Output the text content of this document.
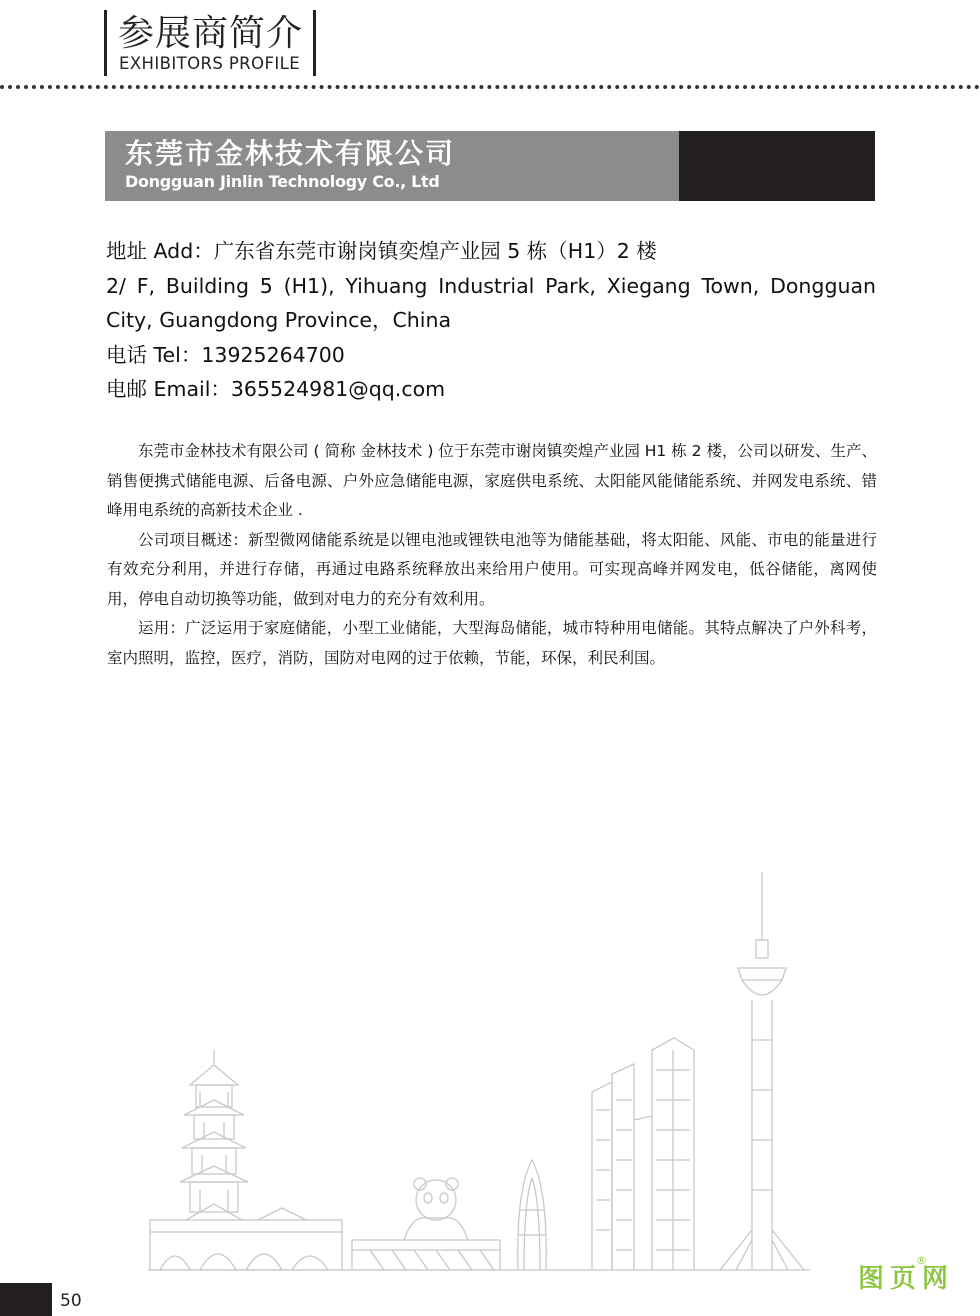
参展商简介
EXHIBITORS PROFILE
东莞市金林技术有限公司
Dongguan Jinlin Technology Co., Ltd
地址 Add：广东省东莞市谢岗镇奕煌产业园 5 栋（H1）2 楼
2/ F, Building 5 (H1), Yihuang Industrial Park, Xiegang Town, Dongguan City, Guangdong Province，China
电话 Tel：13925264700
电邮 Email：365524981@qq.com

东莞市金林技术有限公司 ( 简称 金林技术 ) 位于东莞市谢岗镇奕煌产业园 H1 栋 2 楼，公司以研发、生产、销售便携式储能电源、后备电源、户外应急储能电源，家庭供电系统、太阳能风能储能系统、并网发电系统、错峰用电系统的高新技术企业 .

公司项目概述：新型微网储能系统是以锂电池或锂铁电池等为储能基础，将太阳能、风能、市电的能量进行有效充分利用，并进行存储，再通过电路系统释放出来给用户使用。可实现高峰并网发电，低谷储能，离网使用，停电自动切换等功能，做到对电力的充分有效利用。

运用：广泛运用于家庭储能，小型工业储能，大型海岛储能，城市特种用电储能。其特点解决了户外科考，室内照明，监控，医疗，消防，国防对电网的过于依赖，节能，环保，利民利国。

50
图页网
®
